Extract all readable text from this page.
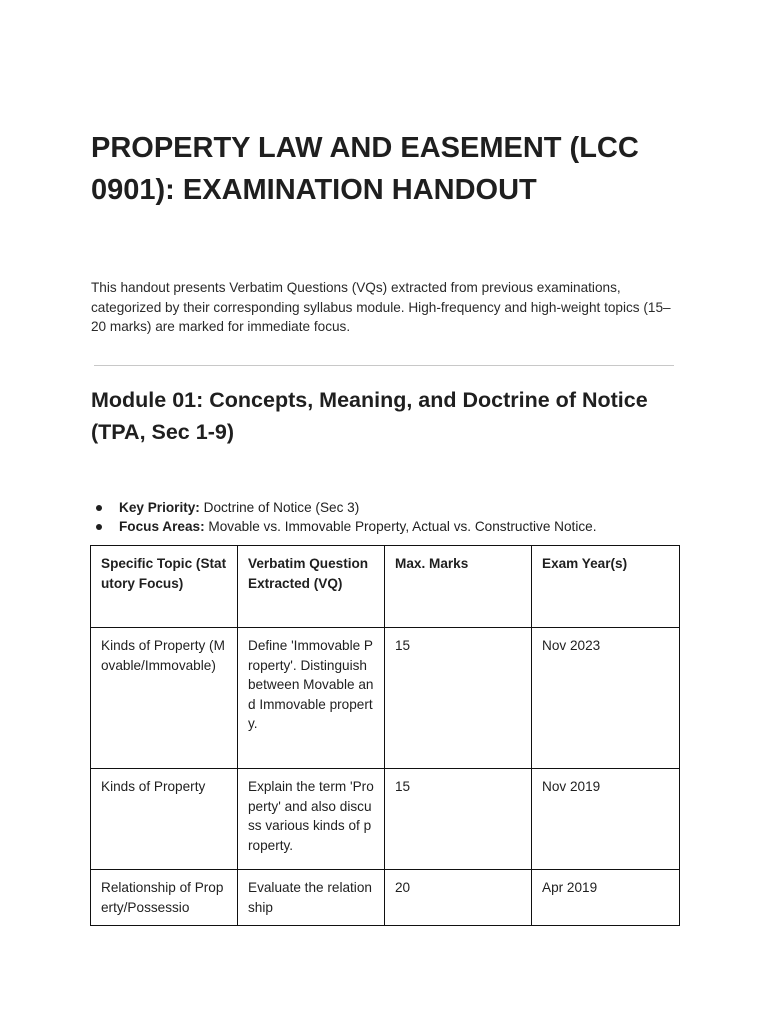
PROPERTY LAW AND EASEMENT (LCC 0901): EXAMINATION HANDOUT

This handout presents Verbatim Questions (VQs) extracted from previous examinations, categorized by their corresponding syllabus module. High-frequency and high-weight topics (15–20 marks) are marked for immediate focus.

Module 01: Concepts, Meaning, and Doctrine of Notice (TPA, Sec 1-9)
Key Priority: Doctrine of Notice (Sec 3)
Focus Areas: Movable vs. Immovable Property, Actual vs. Constructive Notice.
Specific Topic (Statutory Focus)	Verbatim Question Extracted (VQ)	Max. Marks	Exam Year(s)
Kinds of Property (Movable/Immovable)	Define 'Immovable Property'. Distinguish between Movable and Immovable property.	15	Nov 2023
Kinds of Property	Explain the term 'Property' and also discuss various kinds of property.	15	Nov 2019
Relationship of Property/Possessio	Evaluate the relationship	20	Apr 2019
